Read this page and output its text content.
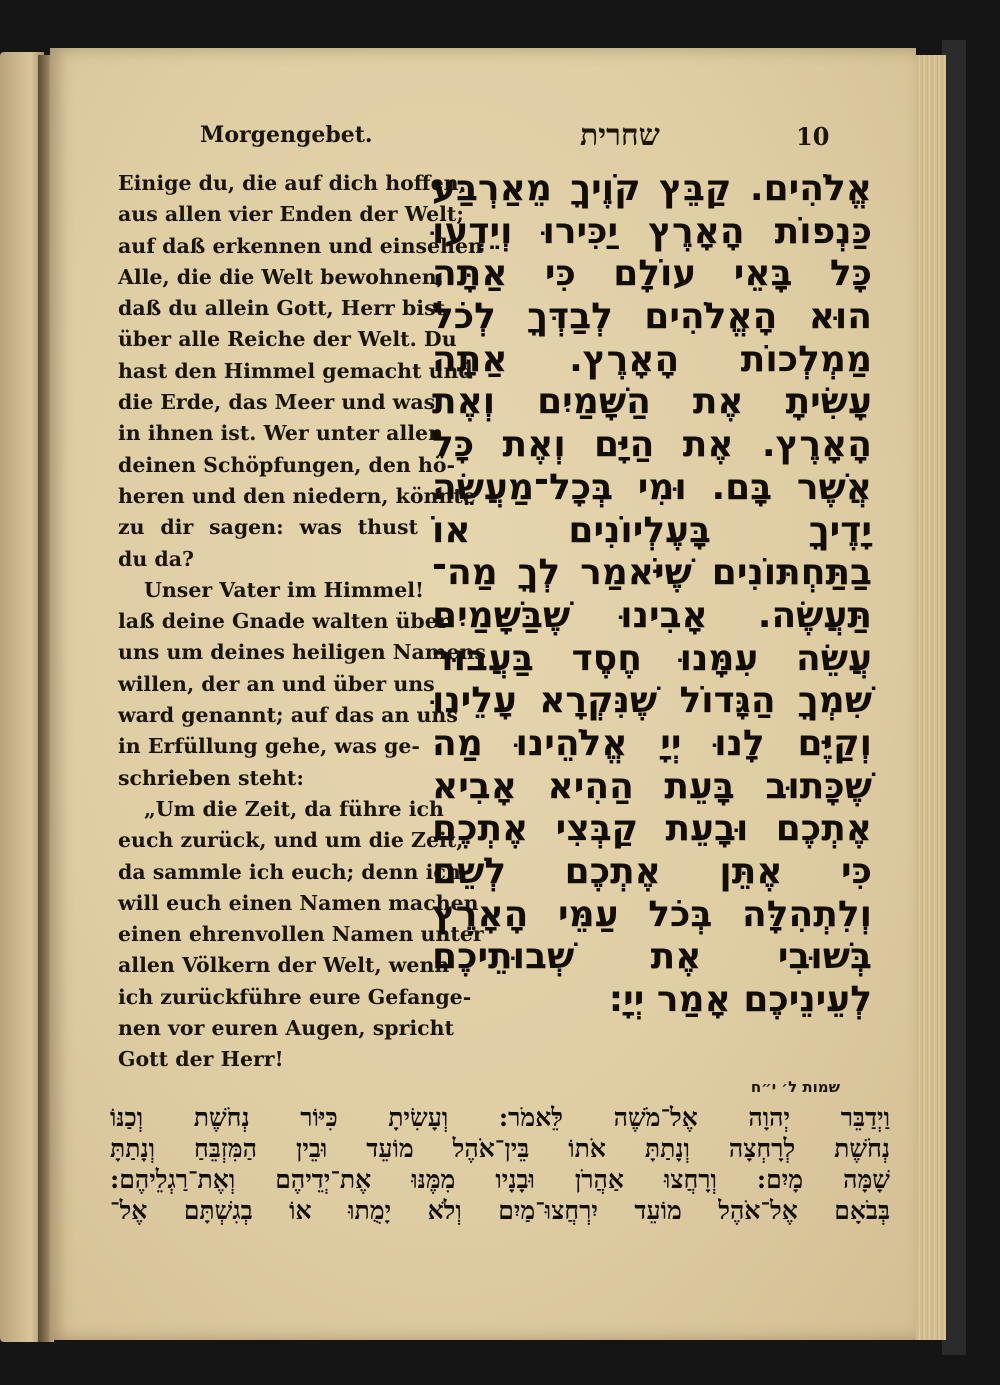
Morgengebet.	שחרית	10
Einige du, die auf dich hoffen,
aus allen vier Enden der Welt;
auf daß erkennen und einsehen
Alle, die die Welt bewohnen,
daß du allein Gott, Herr bist
über alle Reiche der Welt. Du
hast den Himmel gemacht und
die Erde, das Meer und was
in ihnen ist. Wer unter allen
deinen Schöpfungen, den hö-
heren und den niedern, könnte
zu dir sagen: was thust
du da?
Unser Vater im Himmel!
laß deine Gnade walten über
uns um deines heiligen Namens
willen, der an und über uns
ward genannt; auf das an uns
in Erfüllung gehe, was ge-
schrieben steht:
„Um die Zeit, da führe ich
euch zurück, und um die Zeit,
da sammle ich euch; denn ich
will euch einen Namen machen
einen ehrenvollen Namen unter
allen Völkern der Welt, wenn
ich zurückführe eure Gefange-
nen vor euren Augen, spricht
Gott der Herr!
אֱלֹהִים. קַבֵּץ קֹוֶיךָ מֵאַרְבַּע
כַּנְפוֹת הָאָרֶץ יַכִּירוּ וְיֵדְעוּ
כָּל בָּאֵי עוֹלָם כִּי אַתָּה
הוּא הָאֱלֹהִים לְבַדְּךָ לְכֹל
מַמְלְכוֹת הָאָרֶץ. אַתָּה
עָשִׂיתָ אֶת הַשָּׁמַיִם וְאֶת
הָאָרֶץ. אֶת הַיָּם וְאֶת כָּל
אֲשֶׁר בָּם. וּמִי בְּכָל־מַעֲשֵׂה
יָדֶיךָ בָּעֶלְיוֹנִים אוֹ
בַתַּחְתּוֹנִים שֶׁיֹּאמַר לְךָ מַה־
תַּעֲשֶׂה. אָבִינוּ שֶׁבַּשָּׁמַיִם
עֲשֵׂה עִמָּנוּ חֶסֶד בַּעֲבוּר
שִׁמְךָ הַגָּדוֹל שֶׁנִּקְרָא עָלֵינוּ
וְקַיֶּם לָנוּ יְיָ אֱלֹהֵינוּ מַה
שֶׁכָּתוּב בָּעֵת הַהִיא אָבִיא
אֶתְכֶם וּבָעֵת קַבְּצִי אֶתְכֶם
כִּי אֶתֵּן אֶתְכֶם לְשֵׁם
וְלִתְהִלָּה בְּכֹל עַמֵּי הָאָרֶץ
בְּשׁוּבִי אֶת שְׁבוּתֵיכֶם
לְעֵינֵיכֶם אָמַר יְיָ:
שמות ל׳ י״ח
וַיְדַבֵּר יְהוָה אֶל־מֹשֶׁה לֵּאמֹר: וְעָשִׂיתָ כִּיּוֹר נְחֹשֶׁת וְכַנּוֹ
נְחֹשֶׁת לְרָחְצָה וְנָתַתָּ אֹתוֹ בֵּין־אֹהֶל מוֹעֵד וּבֵין הַמִּזְבֵּחַ וְנָתַתָּ
שָׁמָּה מָיִם: וְרָחֲצוּ אַהֲרֹן וּבָנָיו מִמֶּנּוּ אֶת־יְדֵיהֶם וְאֶת־רַגְלֵיהֶם:
בְּבֹאָם אֶל־אֹהֶל מוֹעֵד יִרְחֲצוּ־מַיִם וְלֹא יָמֻתוּ אוֹ בְגִשְׁתָּם אֶל־
